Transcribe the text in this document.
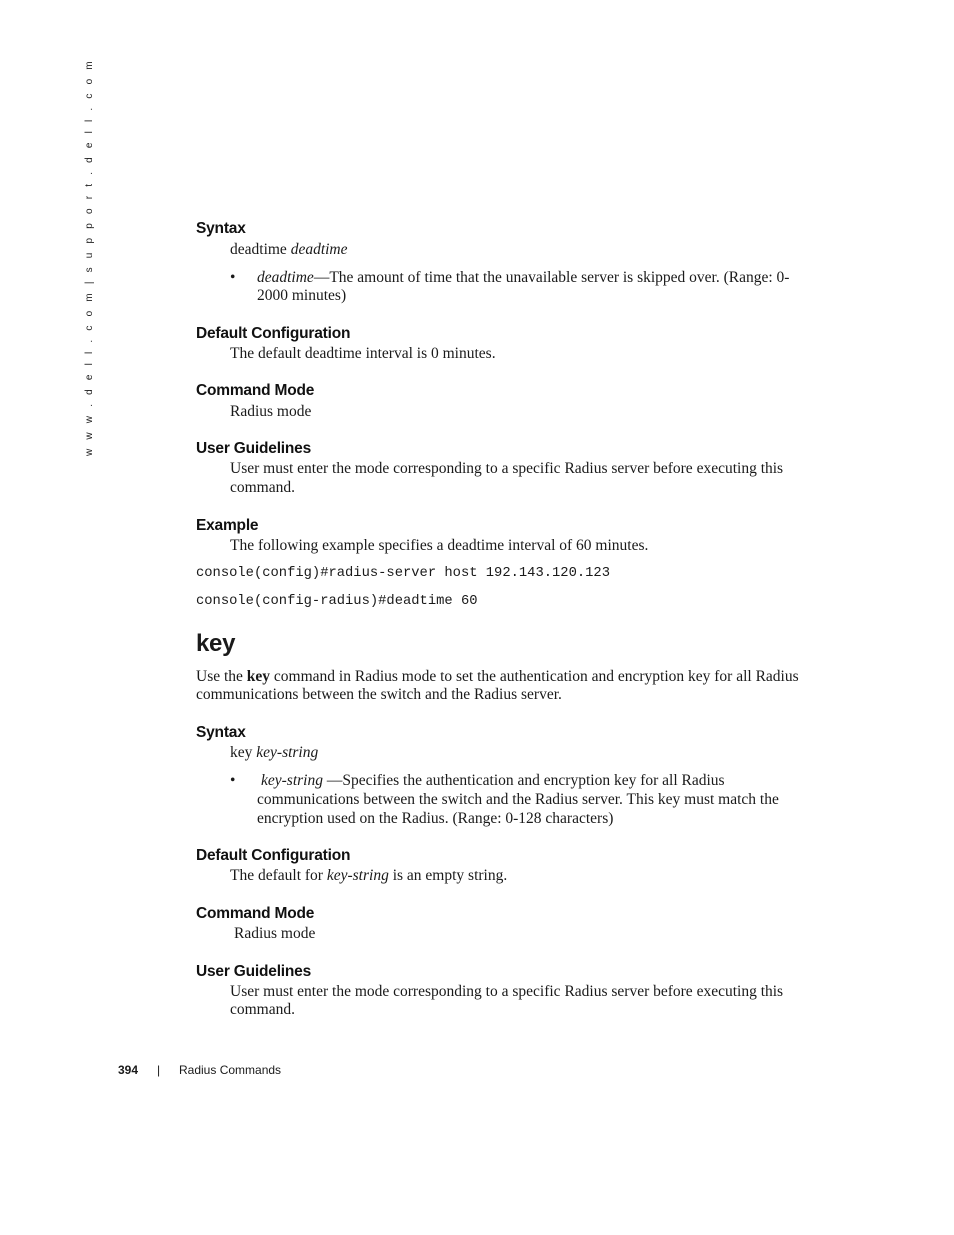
w w w . d e l l . c o m | s u p p o r t . d e l l . c o m	Syntax
deadtime deadtime
• deadtime—The amount of time that the unavailable server is skipped over. (Range: 0-
2000 minutes)
Default Configuration
The default deadtime interval is 0 minutes.
Command Mode
Radius mode
User Guidelines
User must enter the mode corresponding to a specific Radius server before executing this
command.
Example
The following example specifies a deadtime interval of 60 minutes.
console(config)#radius-server host 192.143.120.123
console(config-radius)#deadtime 60
key
Use the key command in Radius mode to set the authentication and encryption key for all Radius
communications between the switch and the Radius server.
Syntax
key key-string
• key-string —Specifies the authentication and encryption key for all Radius
communications between the switch and the Radius server. This key must match the
encryption used on the Radius. (Range: 0-128 characters)
Default Configuration
The default for key-string is an empty string.
Command Mode
Radius mode
User Guidelines
User must enter the mode corresponding to a specific Radius server before executing this
command.
394 | Radius Commands
